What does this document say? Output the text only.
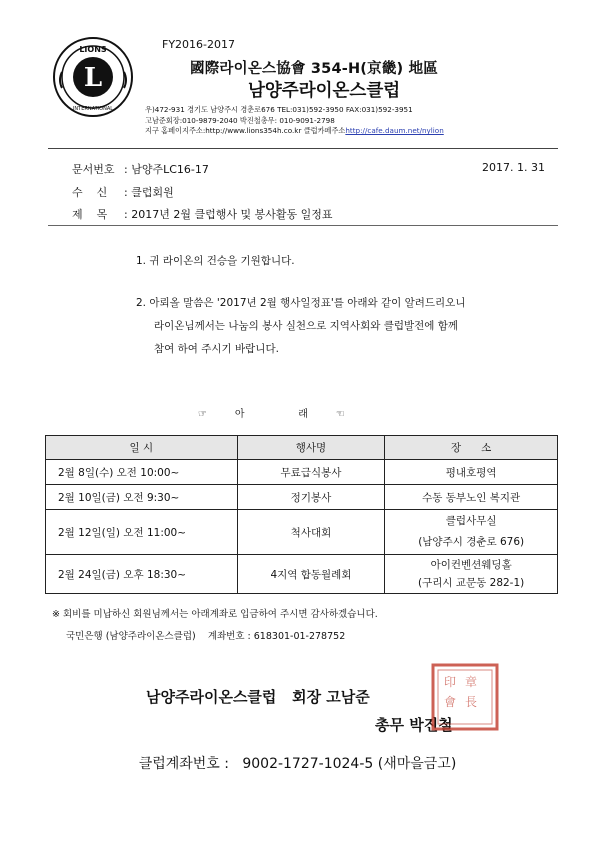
L
LIONS
INTERNATIONAL
FY2016-2017
國際라이온스協會 354-H(京畿) 地區
남양주라이온스클럽
우)472-931 경기도 남양주시 경춘로676 TEL:031)592-3950 FAX:031)592-3951
고남준회장:010-9879-2040 박진철총무: 010-9091-2798
지구 홈페이지주소:http://www.lions354h.co.kr 클럽카페주소http://cafe.daum.net/nylion
문서번호 : 남양주LC16-17	2017. 1. 31
수    신 : 클럽회원
제    목 : 2017년 2월 클럽행사 및 봉사활동 일정표
1. 귀 라이온의 건승을 기원합니다.
2. 아뢰올 말씀은 '2017년 2월 행사일정표'를 아래와 같이 알려드리오니
라이온님께서는 나눔의 봉사 실천으로 지역사회와 클럽발전에 함께
참여 하여 주시기 바랍니다.
☞     아          래     ☜
일 시	행사명	장      소
2월 8일(수) 오전 10:00~	무료급식봉사	평내호평역
2월 10일(금) 오전 9:30~	정기봉사	수동 동부노인 복지관
2월 12일(일) 오전 11:00~	척사대회	클럽사무실
(남양주시 경춘로 676)

2월 24일(금) 오후 18:30~	4지역 합동월례회	아이컨벤션웨딩홀
(구리시 교문동 282-1)
※ 회비를 미납하신 회원님께서는 아래계좌로 입금하여 주시면 감사하겠습니다.
국민은행 (남양주라이온스클럽)    계좌번호 : 618301-01-278752
남양주라이온스클럽   회장 고남준
총무 박진철
印 章
會 長
클럽계좌번호 :   9002-1727-1024-5 (새마을금고)
